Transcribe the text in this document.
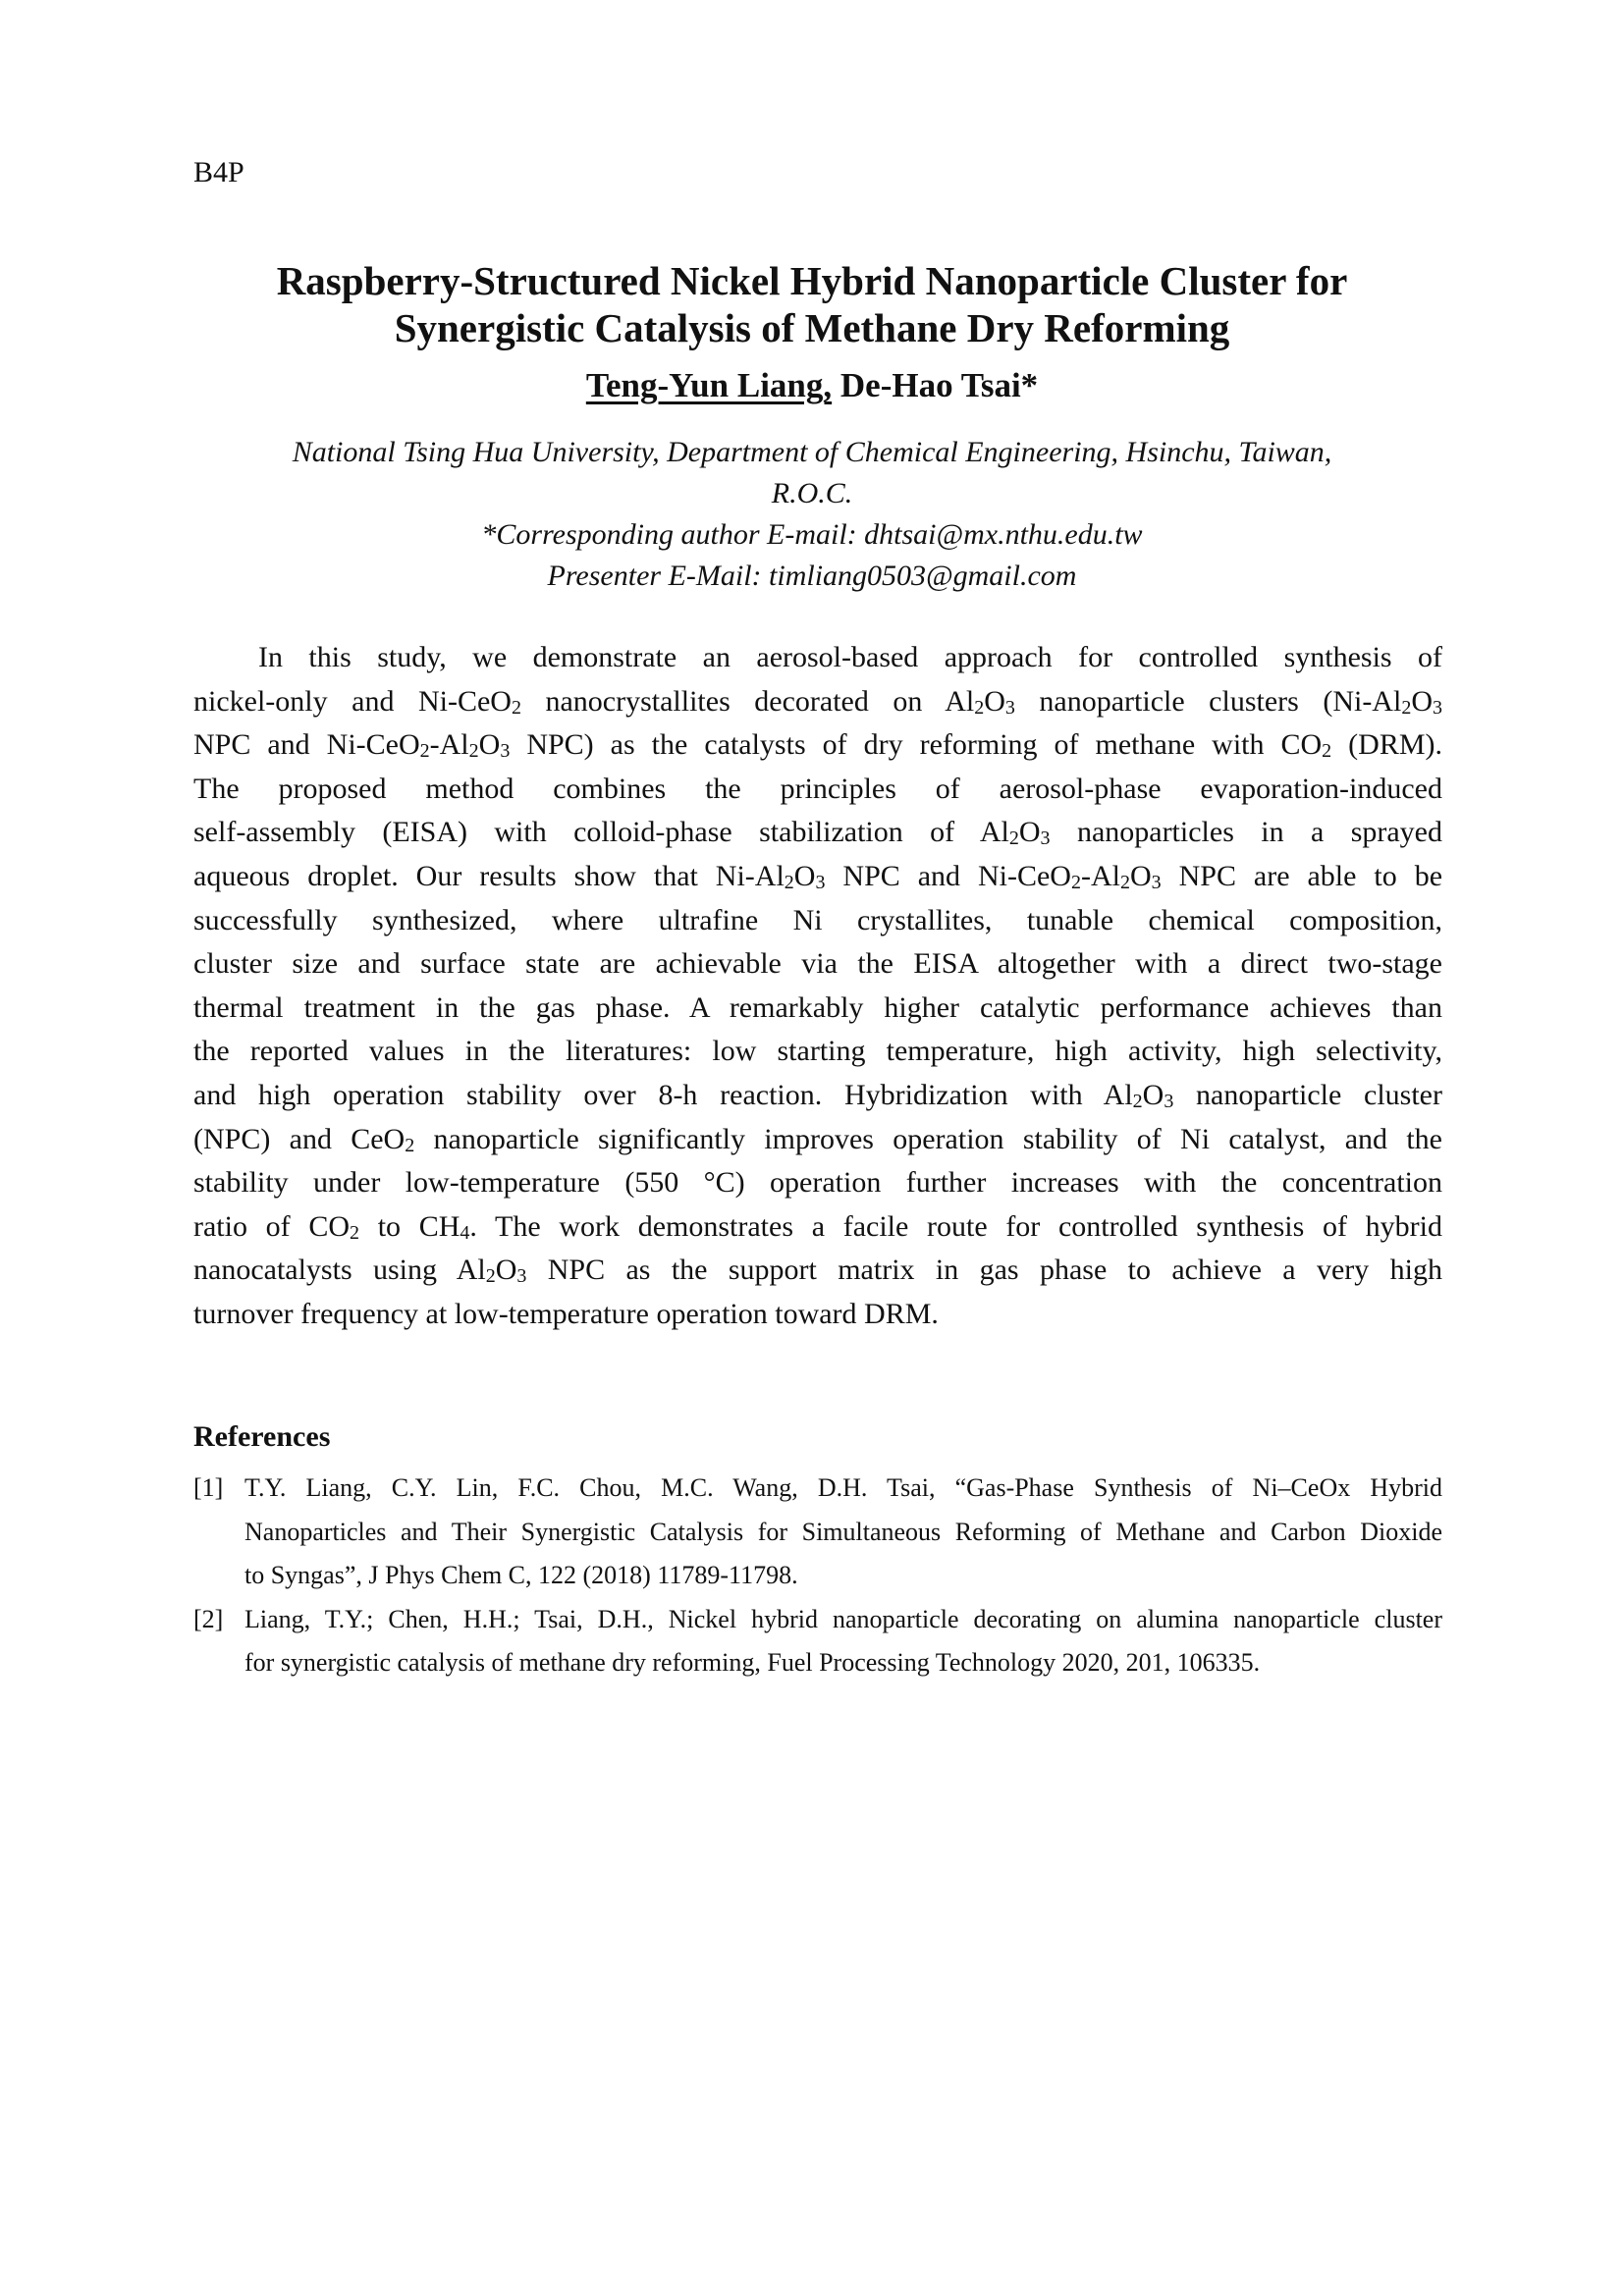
B4P
Raspberry-Structured Nickel Hybrid Nanoparticle Cluster for
Synergistic Catalysis of Methane Dry Reforming
Teng-Yun Liang, De-Hao Tsai*
National Tsing Hua University, Department of Chemical Engineering, Hsinchu, Taiwan,
R.O.C.
*Corresponding author E-mail: dhtsai@mx.nthu.edu.tw
Presenter E-Mail: timliang0503@gmail.com
In this study, we demonstrate an aerosol-based approach for controlled synthesis of
nickel-only and Ni-CeO$_2$ nanocrystallites decorated on $Al_2O_3$ nanoparticle clusters ($Ni-Al_2O_3$
NPC and $Ni-CeO_2-Al_2O_3$ NPC) as the catalysts of dry reforming of methane with $CO_2$ (DRM).
The proposed method combines the principles of aerosol-phase evaporation-induced
self-assembly (EISA) with colloid-phase stabilization of $Al_2O_3$ nanoparticles in a sprayed
aqueous droplet. Our results show that $Ni-Al_2O_3$ NPC and $Ni-CeO_2-Al_2O_3$ NPC are able to be
successfully synthesized, where ultrafine Ni crystallites, tunable chemical composition,
cluster size and surface state are achievable via the EISA altogether with a direct two-stage
thermal treatment in the gas phase. A remarkably higher catalytic performance achieves than
the reported values in the literatures: low starting temperature, high activity, high selectivity,
and high operation stability over 8-h reaction. Hybridization with $Al_2O_3$ nanoparticle cluster
(NPC) and CeO$_2$ nanoparticle significantly improves operation stability of Ni catalyst, and the
stability under low-temperature (550 °C) operation further increases with the concentration
ratio of $CO_2$ to $CH_4$. The work demonstrates a facile route for controlled synthesis of hybrid
nanocatalysts using $Al_2O_3$ NPC as the support matrix in gas phase to achieve a very high
turnover frequency at low-temperature operation toward DRM.
References
[1] T.Y. Liang, C.Y. Lin, F.C. Chou, M.C. Wang, D.H. Tsai, “Gas-Phase Synthesis of Ni–CeOx Hybrid
Nanoparticles and Their Synergistic Catalysis for Simultaneous Reforming of Methane and Carbon Dioxide
to Syngas”, J Phys Chem C, 122 (2018) 11789-11798.
[2] Liang, T.Y.; Chen, H.H.; Tsai, D.H., Nickel hybrid nanoparticle decorating on alumina nanoparticle cluster
for synergistic catalysis of methane dry reforming, Fuel Processing Technology 2020, 201, 106335.
